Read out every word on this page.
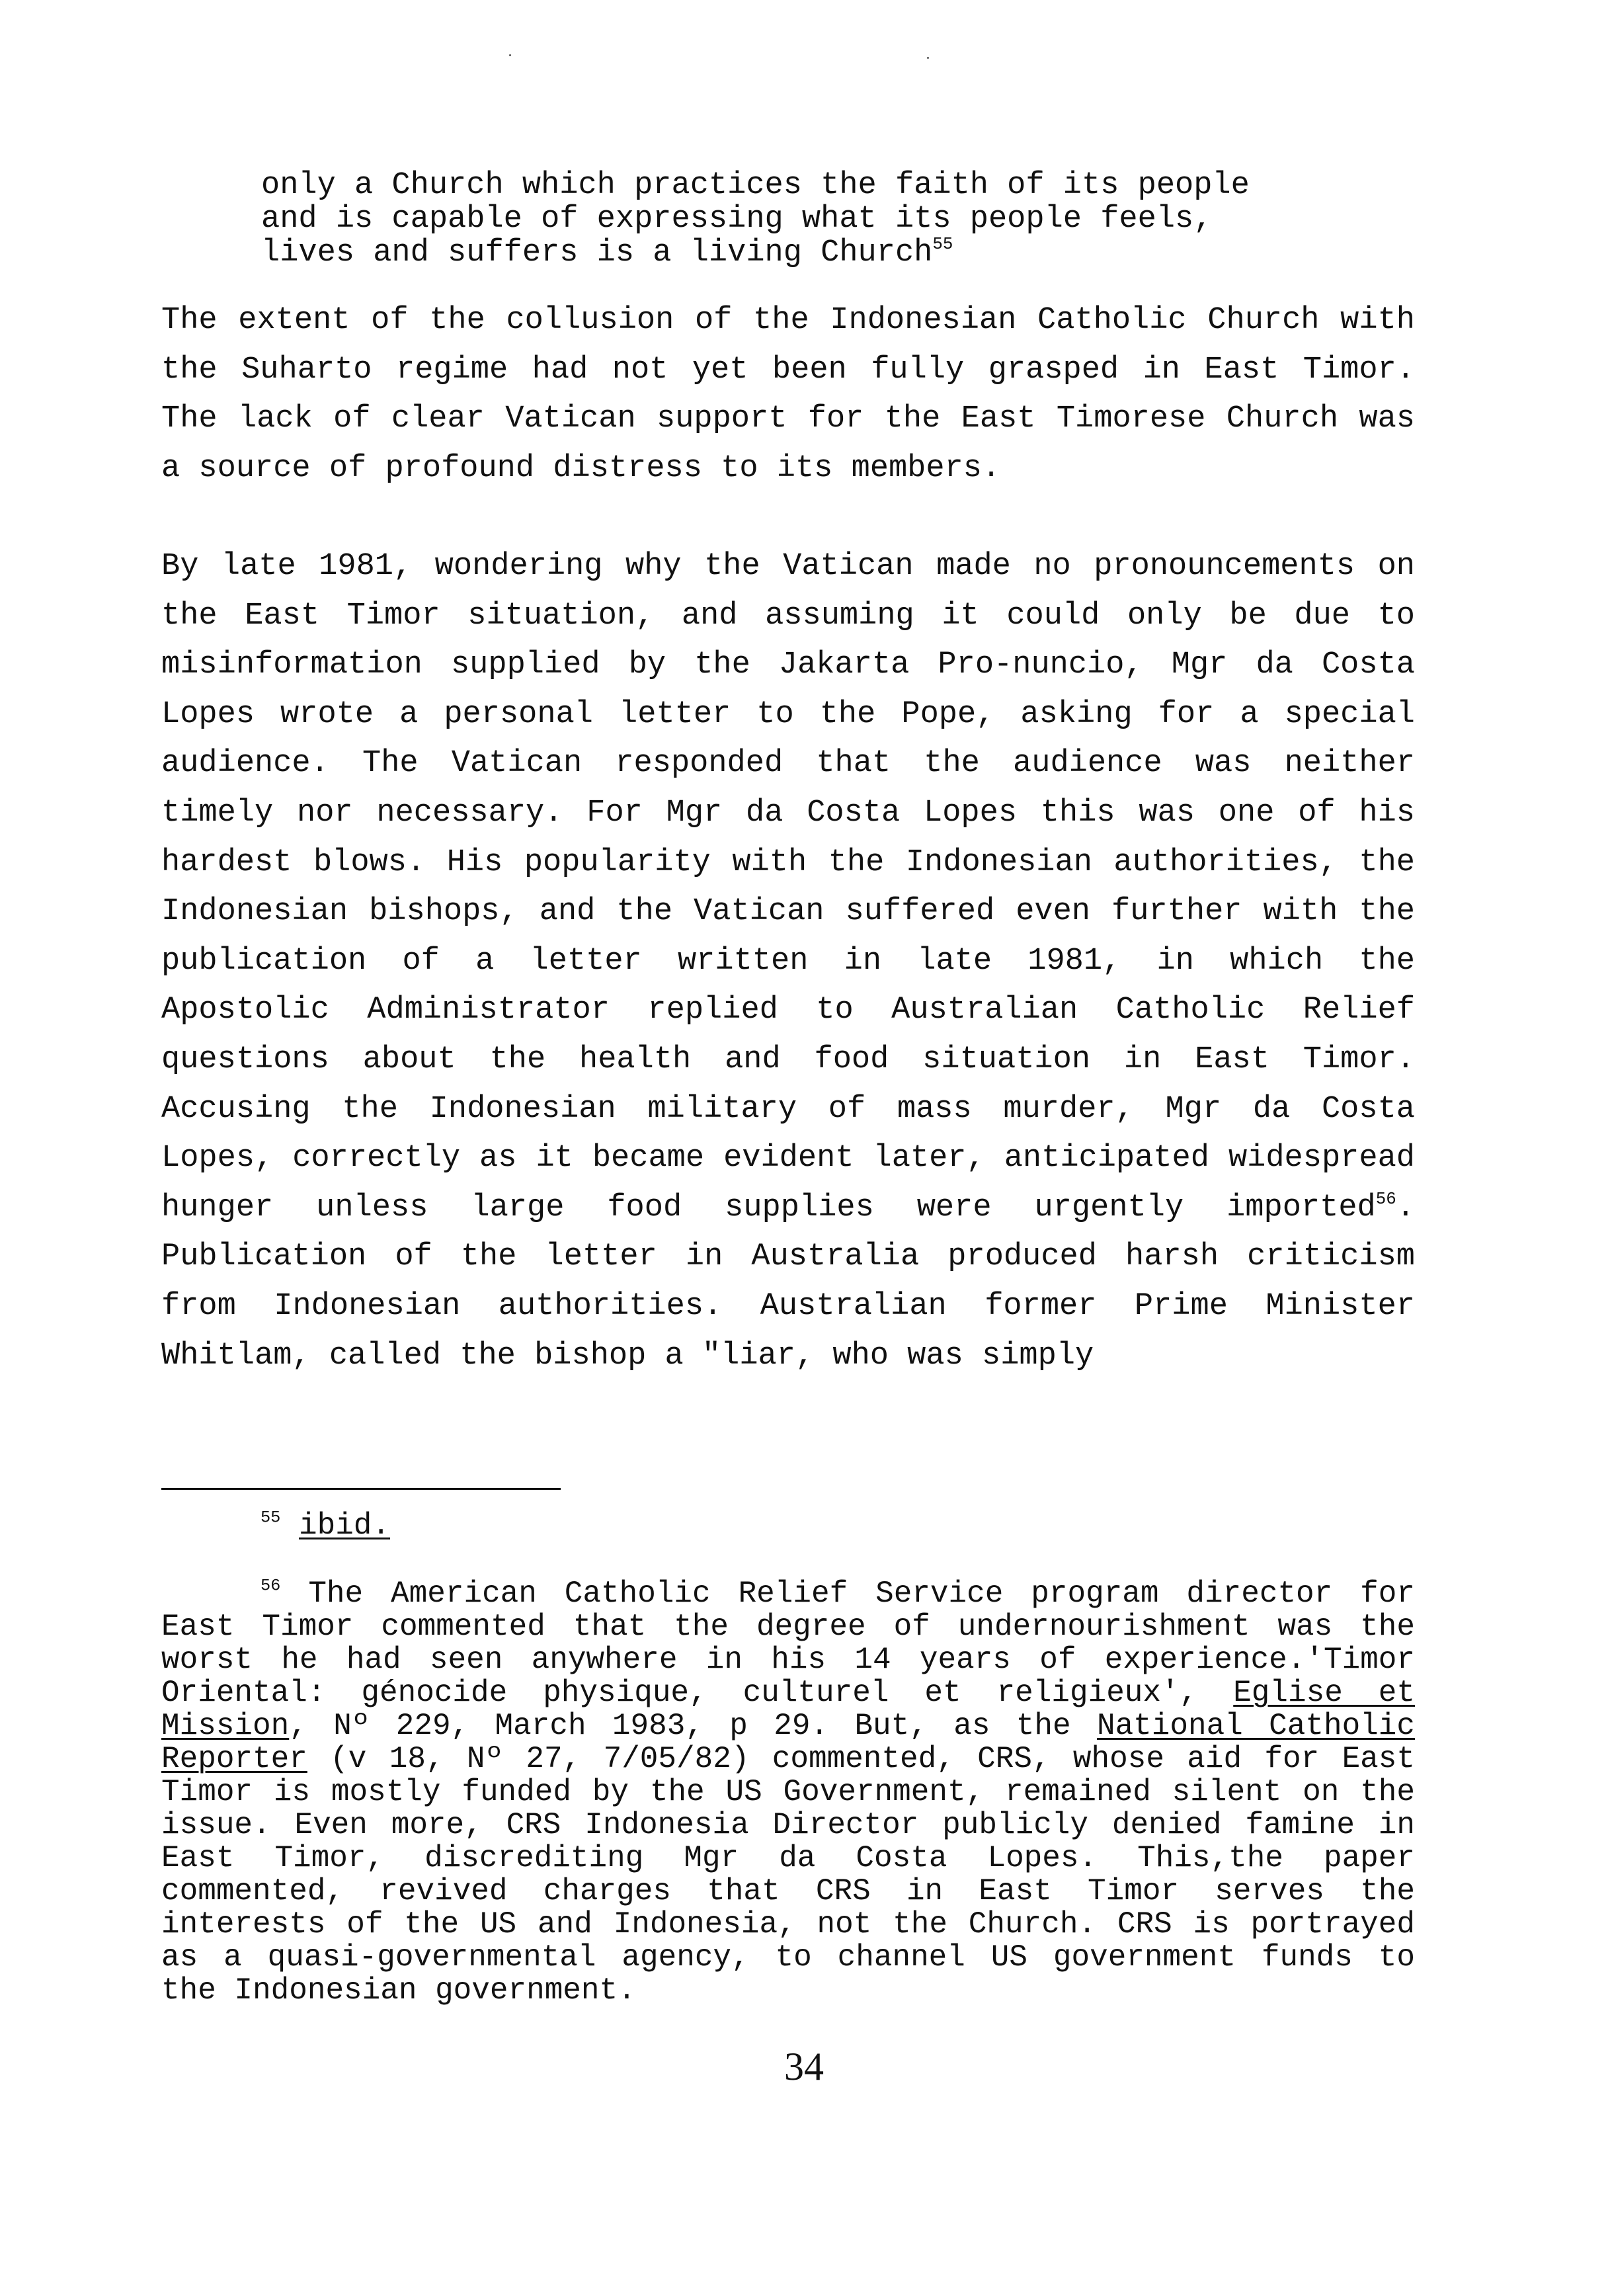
only a Church which practices the faith of its people
and is capable of expressing what its people feels,
lives and suffers is a living Church$^{55}$

The extent of the collusion of the Indonesian Catholic Church with the Suharto regime had not yet been fully grasped in East Timor. The lack of clear Vatican support for the East Timorese Church was a source of profound distress to its members.

By late 1981, wondering why the Vatican made no pronouncements on the East Timor situation, and assuming it could only be due to misinformation supplied by the Jakarta Pro-nuncio, Mgr da Costa Lopes wrote a personal letter to the Pope, asking for a special audience. The Vatican responded that the audience was neither timely nor necessary. For Mgr da Costa Lopes this was one of his hardest blows. His popularity with the Indonesian authorities, the Indonesian bishops, and the Vatican suffered even further with the publication of a letter written in late 1981, in which the Apostolic Administrator replied to Australian Catholic Relief questions about the health and food situation in East Timor. Accusing the Indonesian military of mass murder, Mgr da Costa Lopes, correctly as it became evident later, anticipated widespread hunger unless large food supplies were urgently imported$^{56}$. Publication of the letter in Australia produced harsh criticism from Indonesian authorities. Australian former Prime Minister Whitlam, called the bishop a "liar, who was simply

$^{55}$ ibid.

$^{56}$ The American Catholic Relief Service program director for East Timor commented that the degree of undernourishment was the worst he had seen anywhere in his 14 years of experience.'Timor Oriental: génocide physique, culturel et religieux', Eglise et Mission, Nº 229, March 1983, p 29. But, as the National Catholic Reporter (v 18, Nº 27, 7/05/82) commented, CRS, whose aid for East Timor is mostly funded by the US Government, remained silent on the issue. Even more, CRS Indonesia Director publicly denied famine in East Timor, discrediting Mgr da Costa Lopes. This,the paper commented, revived charges that CRS in East Timor serves the interests of the US and Indonesia, not the Church. CRS is portrayed as a quasi-governmental agency, to channel US government funds to the Indonesian government.

34
